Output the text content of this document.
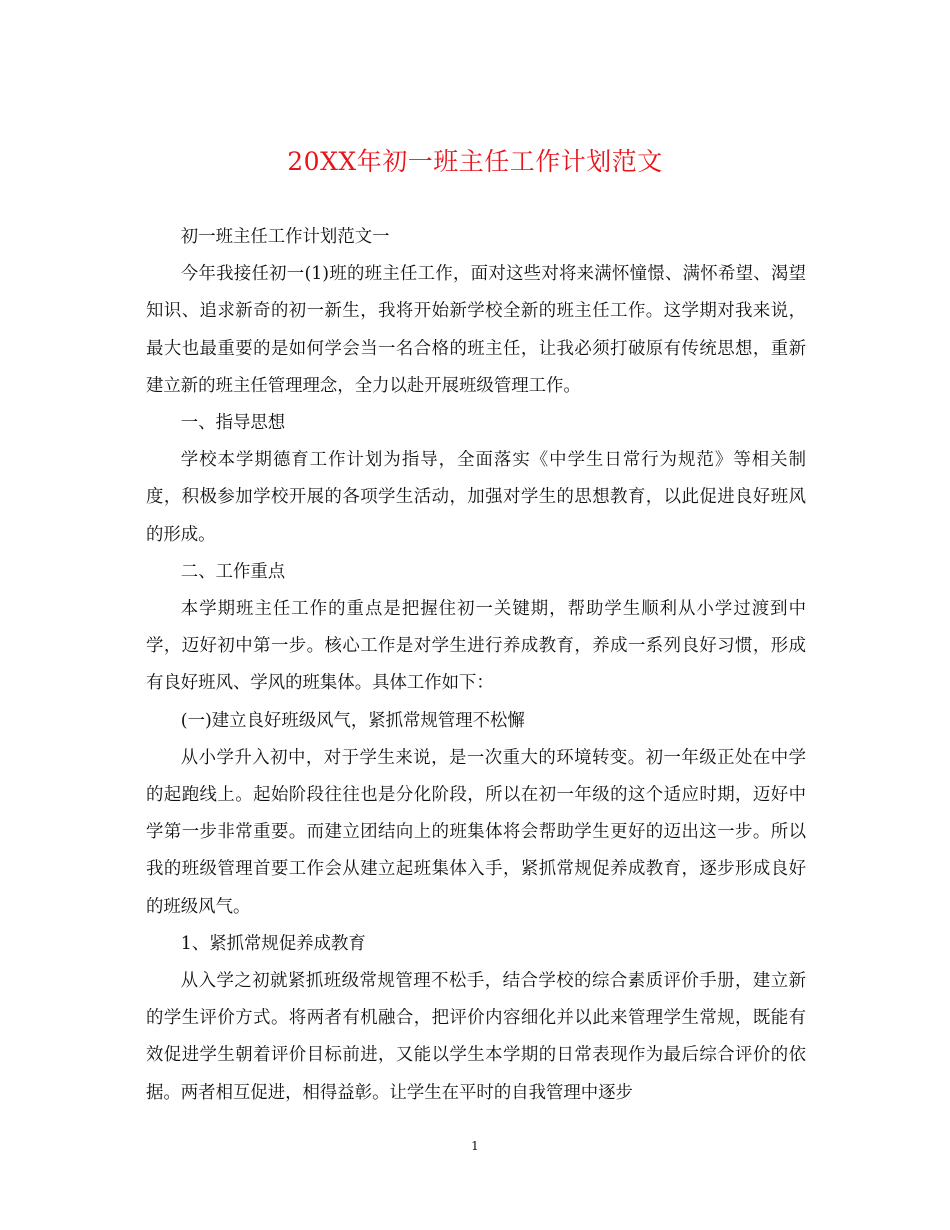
20XX年初一班主任工作计划范文

初一班主任工作计划范文一

今年我接任初一(1)班的班主任工作，面对这些对将来满怀憧憬、满怀希望、渴望知识、追求新奇的初一新生，我将开始新学校全新的班主任工作。这学期对我来说，最大也最重要的是如何学会当一名合格的班主任，让我必须打破原有传统思想，重新建立新的班主任管理理念，全力以赴开展班级管理工作。

一、指导思想

学校本学期德育工作计划为指导，全面落实《中学生日常行为规范》等相关制度，积极参加学校开展的各项学生活动，加强对学生的思想教育，以此促进良好班风的形成。

二、工作重点

本学期班主任工作的重点是把握住初一关键期，帮助学生顺利从小学过渡到中学，迈好初中第一步。核心工作是对学生进行养成教育，养成一系列良好习惯，形成有良好班风、学风的班集体。具体工作如下：

(一)建立良好班级风气，紧抓常规管理不松懈

从小学升入初中，对于学生来说，是一次重大的环境转变。初一年级正处在中学的起跑线上。起始阶段往往也是分化阶段，所以在初一年级的这个适应时期，迈好中学第一步非常重要。而建立团结向上的班集体将会帮助学生更好的迈出这一步。所以我的班级管理首要工作会从建立起班集体入手，紧抓常规促养成教育，逐步形成良好的班级风气。

1、紧抓常规促养成教育

从入学之初就紧抓班级常规管理不松手，结合学校的综合素质评价手册，建立新的学生评价方式。将两者有机融合，把评价内容细化并以此来管理学生常规，既能有效促进学生朝着评价目标前进，又能以学生本学期的日常表现作为最后综合评价的依据。两者相互促进，相得益彰。让学生在平时的自我管理中逐步

1
